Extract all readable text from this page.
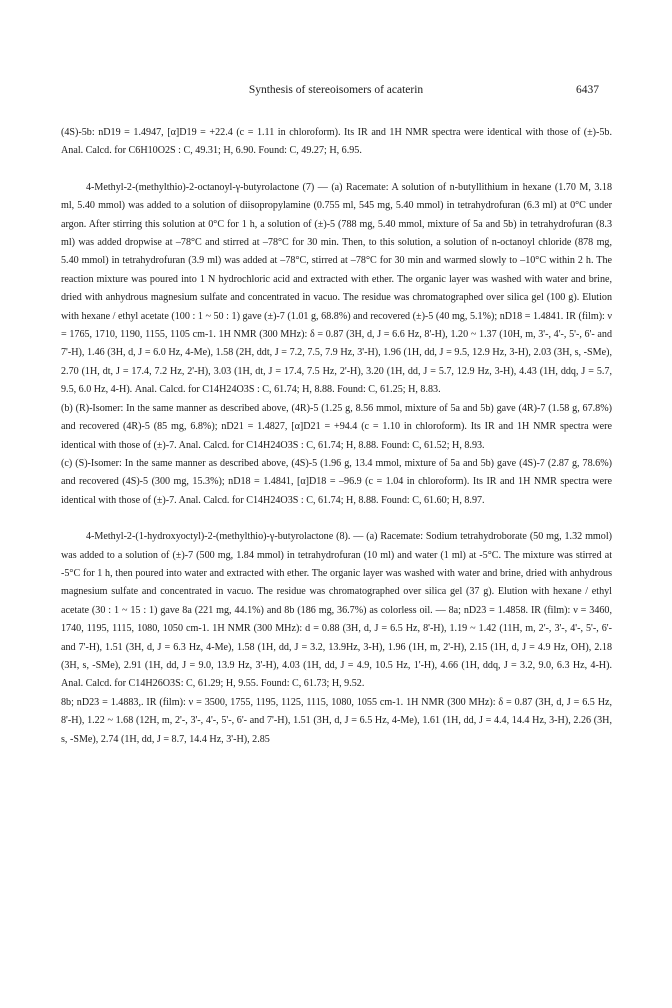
Synthesis of stereoisomers of acaterin	6437

(4S)-5b: nD19 = 1.4947, [α]D19 = +22.4 (c = 1.11 in chloroform). Its IR and 1H NMR spectra were identical with those of (±)-5b. Anal. Calcd. for C6H10O2S : C, 49.31; H, 6.90. Found: C, 49.27; H, 6.95.

4-Methyl-2-(methylthio)-2-octanoyl-γ-butyrolactone (7) — (a) Racemate: A solution of n-butyllithium in hexane (1.70 M, 3.18 ml, 5.40 mmol) was added to a solution of diisopropylamine (0.755 ml, 545 mg, 5.40 mmol) in tetrahydrofuran (6.3 ml) at 0°C under argon. After stirring this solution at 0°C for 1 h, a solution of (±)-5 (788 mg, 5.40 mmol, mixture of 5a and 5b) in tetrahydrofuran (8.3 ml) was added dropwise at –78°C and stirred at –78°C for 30 min. Then, to this solution, a solution of n-octanoyl chloride (878 mg, 5.40 mmol) in tetrahydrofuran (3.9 ml) was added at –78°C, stirred at –78°C for 30 min and warmed slowly to –10°C within 2 h. The reaction mixture was poured into 1 N hydrochloric acid and extracted with ether. The organic layer was washed with water and brine, dried with anhydrous magnesium sulfate and concentrated in vacuo. The residue was chromatographed over silica gel (100 g). Elution with hexane / ethyl acetate (100 : 1 ~ 50 : 1) gave (±)-7 (1.01 g, 68.8%) and recovered (±)-5 (40 mg, 5.1%); nD18 = 1.4841. IR (film): ν = 1765, 1710, 1190, 1155, 1105 cm-1. 1H NMR (300 MHz): δ = 0.87 (3H, d, J = 6.6 Hz, 8'-H), 1.20 ~ 1.37 (10H, m, 3'-, 4'-, 5'-, 6'- and 7'-H), 1.46 (3H, d, J = 6.0 Hz, 4-Me), 1.58 (2H, ddt, J = 7.2, 7.5, 7.9 Hz, 3'-H), 1.96 (1H, dd, J = 9.5, 12.9 Hz, 3-H), 2.03 (3H, s, -SMe), 2.70 (1H, dt, J = 17.4, 7.2 Hz, 2'-H), 3.03 (1H, dt, J = 17.4, 7.5 Hz, 2'-H), 3.20 (1H, dd, J = 5.7, 12.9 Hz, 3-H), 4.43 (1H, ddq, J = 5.7, 9.5, 6.0 Hz, 4-H). Anal. Calcd. for C14H24O3S : C, 61.74; H, 8.88. Found: C, 61.25; H, 8.83.

(b) (R)-Isomer: In the same manner as described above, (4R)-5 (1.25 g, 8.56 mmol, mixture of 5a and 5b) gave (4R)-7 (1.58 g, 67.8%) and recovered (4R)-5 (85 mg, 6.8%); nD21 = 1.4827, [α]D21 = +94.4 (c = 1.10 in chloroform). Its IR and 1H NMR spectra were identical with those of (±)-7. Anal. Calcd. for C14H24O3S : C, 61.74; H, 8.88. Found: C, 61.52; H, 8.93.

(c) (S)-Isomer: In the same manner as described above, (4S)-5 (1.96 g, 13.4 mmol, mixture of 5a and 5b) gave (4S)-7 (2.87 g, 78.6%) and recovered (4S)-5 (300 mg, 15.3%); nD18 = 1.4841, [α]D18 = –96.9 (c = 1.04 in chloroform). Its IR and 1H NMR spectra were identical with those of (±)-7. Anal. Calcd. for C14H24O3S : C, 61.74; H, 8.88. Found: C, 61.60; H, 8.97.

4-Methyl-2-(1-hydroxyoctyl)-2-(methylthio)-γ-butyrolactone (8). — (a) Racemate: Sodium tetrahydroborate (50 mg, 1.32 mmol) was added to a solution of (±)-7 (500 mg, 1.84 mmol) in tetrahydrofuran (10 ml) and water (1 ml) at -5°C. The mixture was stirred at -5°C for 1 h, then poured into water and extracted with ether. The organic layer was washed with water and brine, dried with anhydrous magnesium sulfate and concentrated in vacuo. The residue was chromatographed over silica gel (37 g). Elution with hexane / ethyl acetate (30 : 1 ~ 15 : 1) gave 8a (221 mg, 44.1%) and 8b (186 mg, 36.7%) as colorless oil. — 8a; nD23 = 1.4858. IR (film): ν = 3460, 1740, 1195, 1115, 1080, 1050 cm-1. 1H NMR (300 MHz): d = 0.88 (3H, d, J = 6.5 Hz, 8'-H), 1.19 ~ 1.42 (11H, m, 2'-, 3'-, 4'-, 5'-, 6'- and 7'-H), 1.51 (3H, d, J = 6.3 Hz, 4-Me), 1.58 (1H, dd, J = 3.2, 13.9Hz, 3-H), 1.96 (1H, m, 2'-H), 2.15 (1H, d, J = 4.9 Hz, OH), 2.18 (3H, s, -SMe), 2.91 (1H, dd, J = 9.0, 13.9 Hz, 3'-H), 4.03 (1H, dd, J = 4.9, 10.5 Hz, 1'-H), 4.66 (1H, ddq, J = 3.2, 9.0, 6.3 Hz, 4-H). Anal. Calcd. for C14H26O3S: C, 61.29; H, 9.55. Found: C, 61.73; H, 9.52.

8b; nD23 = 1.4883,. IR (film): ν = 3500, 1755, 1195, 1125, 1115, 1080, 1055 cm-1. 1H NMR (300 MHz): δ = 0.87 (3H, d, J = 6.5 Hz, 8'-H), 1.22 ~ 1.68 (12H, m, 2'-, 3'-, 4'-, 5'-, 6'- and 7'-H), 1.51 (3H, d, J = 6.5 Hz, 4-Me), 1.61 (1H, dd, J = 4.4, 14.4 Hz, 3-H), 2.26 (3H, s, -SMe), 2.74 (1H, dd, J = 8.7, 14.4 Hz, 3'-H), 2.85
